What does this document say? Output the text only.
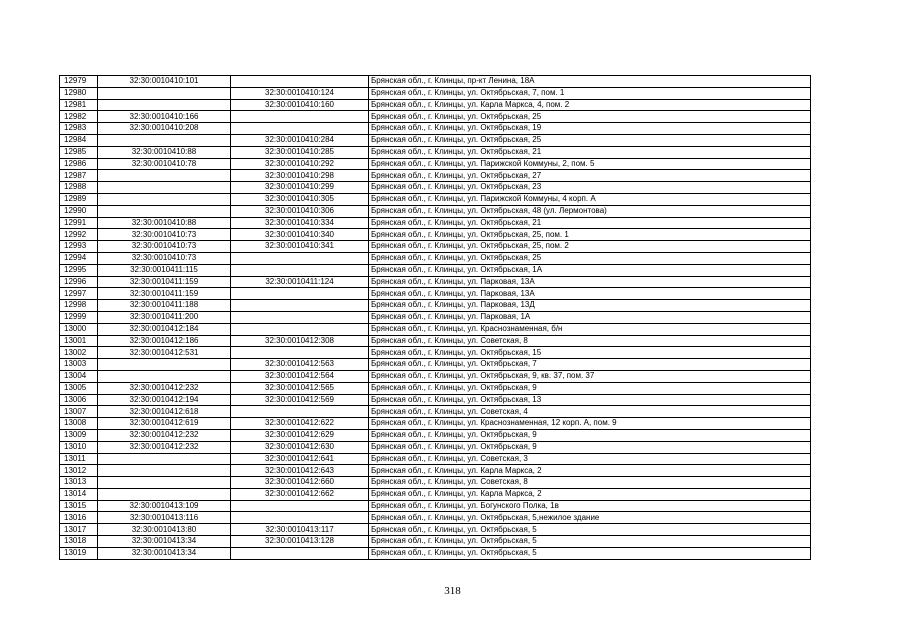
12979	32:30:0010410:101		Брянская обл., г. Клинцы, пр-кт Ленина, 18А
12980		32:30:0010410:124	Брянская обл., г. Клинцы, ул. Октябрьская, 7, пом. 1
12981		32:30:0010410:160	Брянская обл., г. Клинцы, ул. Карла Маркса, 4, пом. 2
12982	32:30:0010410:166		Брянская обл., г. Клинцы, ул. Октябрьская, 25
12983	32:30:0010410:208		Брянская обл., г. Клинцы, ул. Октябрьская, 19
12984		32:30:0010410:284	Брянская обл., г. Клинцы, ул. Октябрьская, 25
12985	32:30:0010410:88	32:30:0010410:285	Брянская обл., г. Клинцы, ул. Октябрьская, 21
12986	32:30:0010410:78	32:30:0010410:292	Брянская обл., г. Клинцы, ул. Парижской Коммуны, 2, пом. 5
12987		32:30:0010410:298	Брянская обл., г. Клинцы, ул. Октябрьская, 27
12988		32:30:0010410:299	Брянская обл., г. Клинцы, ул. Октябрьская, 23
12989		32:30:0010410:305	Брянская обл., г. Клинцы, ул. Парижской Коммуны, 4 корп. А
12990		32:30:0010410:306	Брянская обл., г. Клинцы, ул. Октябрьская, 48 (ул. Лермонтова)
12991	32:30:0010410:88	32:30:0010410:334	Брянская обл., г. Клинцы, ул. Октябрьская, 21
12992	32:30:0010410:73	32:30:0010410:340	Брянская обл., г. Клинцы, ул. Октябрьская, 25, пом. 1
12993	32:30:0010410:73	32:30:0010410:341	Брянская обл., г. Клинцы, ул. Октябрьская, 25, пом. 2
12994	32:30:0010410:73		Брянская обл., г. Клинцы, ул. Октябрьская, 25
12995	32:30:0010411:115		Брянская обл., г. Клинцы, ул. Октябрьская, 1А
12996	32:30:0010411:159	32:30:0010411:124	Брянская обл., г. Клинцы, ул. Парковая, 13А
12997	32:30:0010411:159		Брянская обл., г. Клинцы, ул. Парковая, 13А
12998	32:30:0010411:188		Брянская обл., г. Клинцы, ул. Парковая, 13Д
12999	32:30:0010411:200		Брянская обл., г. Клинцы, ул. Парковая, 1А
13000	32:30:0010412:184		Брянская обл., г. Клинцы, ул. Краснознаменная, б/н
13001	32:30:0010412:186	32:30:0010412:308	Брянская обл., г. Клинцы, ул. Советская, 8
13002	32:30:0010412:531		Брянская обл., г. Клинцы, ул. Октябрьская, 15
13003		32:30:0010412:563	Брянская обл., г. Клинцы, ул. Октябрьская, 7
13004		32:30:0010412:564	Брянская обл., г. Клинцы, ул. Октябрьская, 9, кв. 37, пом. 37
13005	32:30:0010412:232	32:30:0010412:565	Брянская обл., г. Клинцы, ул. Октябрьская, 9
13006	32:30:0010412:194	32:30:0010412:569	Брянская обл., г. Клинцы, ул. Октябрьская, 13
13007	32:30:0010412:618		Брянская обл., г. Клинцы, ул. Советская, 4
13008	32:30:0010412:619	32:30:0010412:622	Брянская обл., г. Клинцы, ул. Краснознаменная, 12 корп. А, пом. 9
13009	32:30:0010412:232	32:30:0010412:629	Брянская обл., г. Клинцы, ул. Октябрьская, 9
13010	32:30:0010412:232	32:30:0010412:630	Брянская обл., г. Клинцы, ул. Октябрьская, 9
13011		32:30:0010412:641	Брянская обл., г. Клинцы, ул. Советская, 3
13012		32:30:0010412:643	Брянская обл., г. Клинцы, ул. Карла Маркса, 2
13013		32:30:0010412:660	Брянская обл., г. Клинцы, ул. Советская, 8
13014		32:30:0010412:662	Брянская обл., г. Клинцы, ул. Карла Маркса, 2
13015	32:30:0010413:109		Брянская обл., г. Клинцы, ул. Богунского Полка, 1в
13016	32:30:0010413:116		Брянская обл., г. Клинцы, ул. Октябрьская, 5,нежилое здание
13017	32:30:0010413:80	32:30:0010413:117	Брянская обл., г. Клинцы, ул. Октябрьская, 5
13018	32:30:0010413:34	32:30:0010413:128	Брянская обл., г. Клинцы, ул. Октябрьская, 5
13019	32:30:0010413:34		Брянская обл., г. Клинцы, ул. Октябрьская, 5
318
